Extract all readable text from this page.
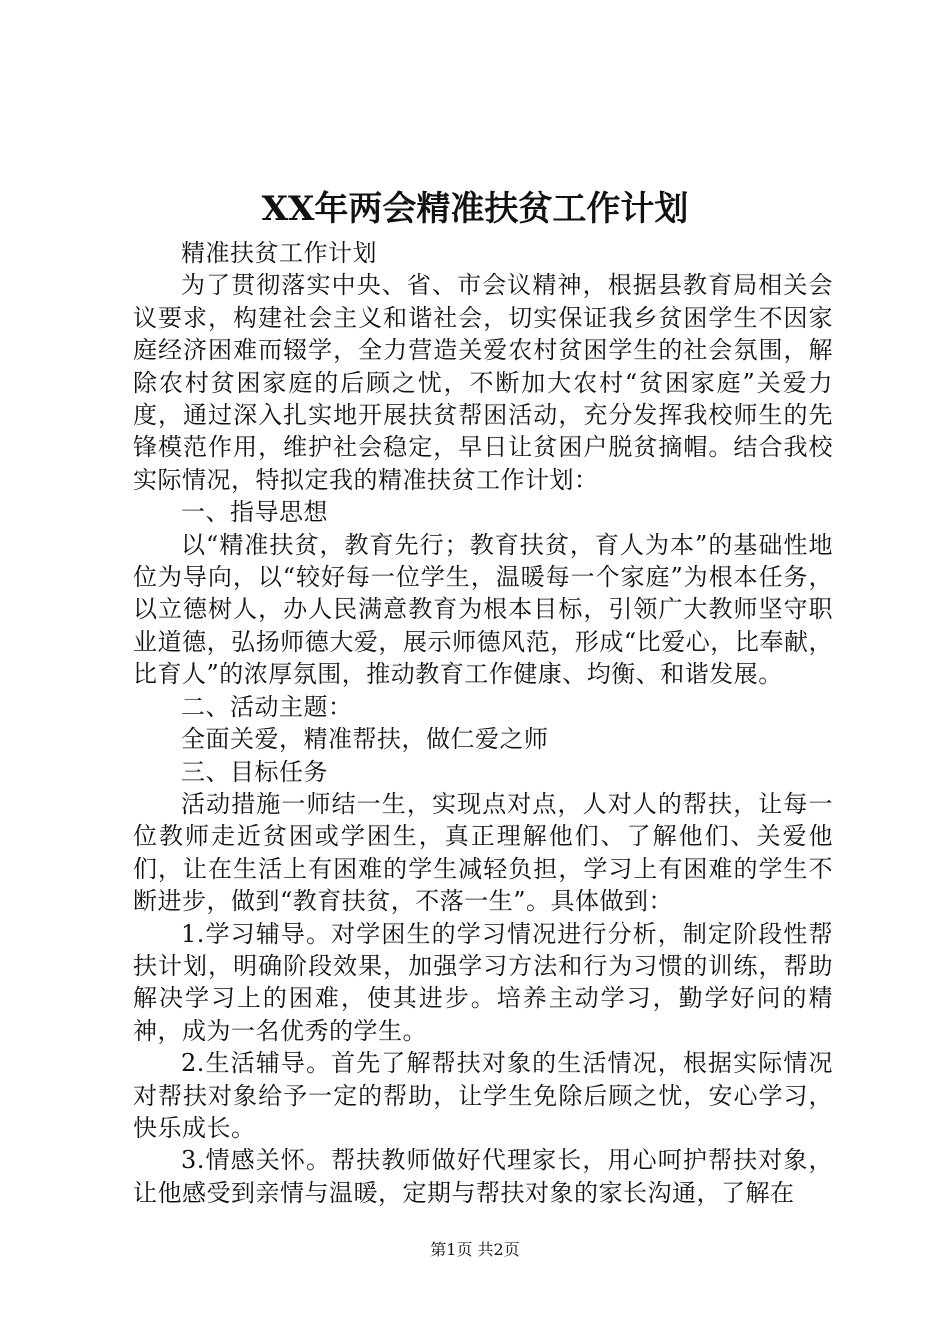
XX年两会精准扶贫工作计划

精准扶贫工作计划

为了贯彻落实中央、省、市会议精神，根据县教育局相关会议要求，构建社会主义和谐社会，切实保证我乡贫困学生不因家庭经济困难而辍学，全力营造关爱农村贫困学生的社会氛围，解除农村贫困家庭的后顾之忧，不断加大农村“贫困家庭”关爱力度，通过深入扎实地开展扶贫帮困活动，充分发挥我校师生的先锋模范作用，维护社会稳定，早日让贫困户脱贫摘帽。结合我校实际情况，特拟定我的精准扶贫工作计划：

一、指导思想

以“精准扶贫，教育先行；教育扶贫，育人为本”的基础性地位为导向，以“较好每一位学生，温暖每一个家庭”为根本任务，以立德树人，办人民满意教育为根本目标，引领广大教师坚守职业道德，弘扬师德大爱，展示师德风范，形成“比爱心，比奉献，比育人”的浓厚氛围，推动教育工作健康、均衡、和谐发展。

二、活动主题：

全面关爱，精准帮扶，做仁爱之师

三、目标任务

活动措施一师结一生，实现点对点，人对人的帮扶，让每一位教师走近贫困或学困生，真正理解他们、了解他们、关爱他们，让在生活上有困难的学生减轻负担，学习上有困难的学生不断进步，做到“教育扶贫，不落一生”。具体做到：

1.学习辅导。对学困生的学习情况进行分析，制定阶段性帮扶计划，明确阶段效果，加强学习方法和行为习惯的训练，帮助解决学习上的困难，使其进步。培养主动学习，勤学好问的精神，成为一名优秀的学生。

2.生活辅导。首先了解帮扶对象的生活情况，根据实际情况对帮扶对象给予一定的帮助，让学生免除后顾之忧，安心学习，快乐成长。

3.情感关怀。帮扶教师做好代理家长，用心呵护帮扶对象，让他感受到亲情与温暖，定期与帮扶对象的家长沟通，了解在

第1页 共2页
